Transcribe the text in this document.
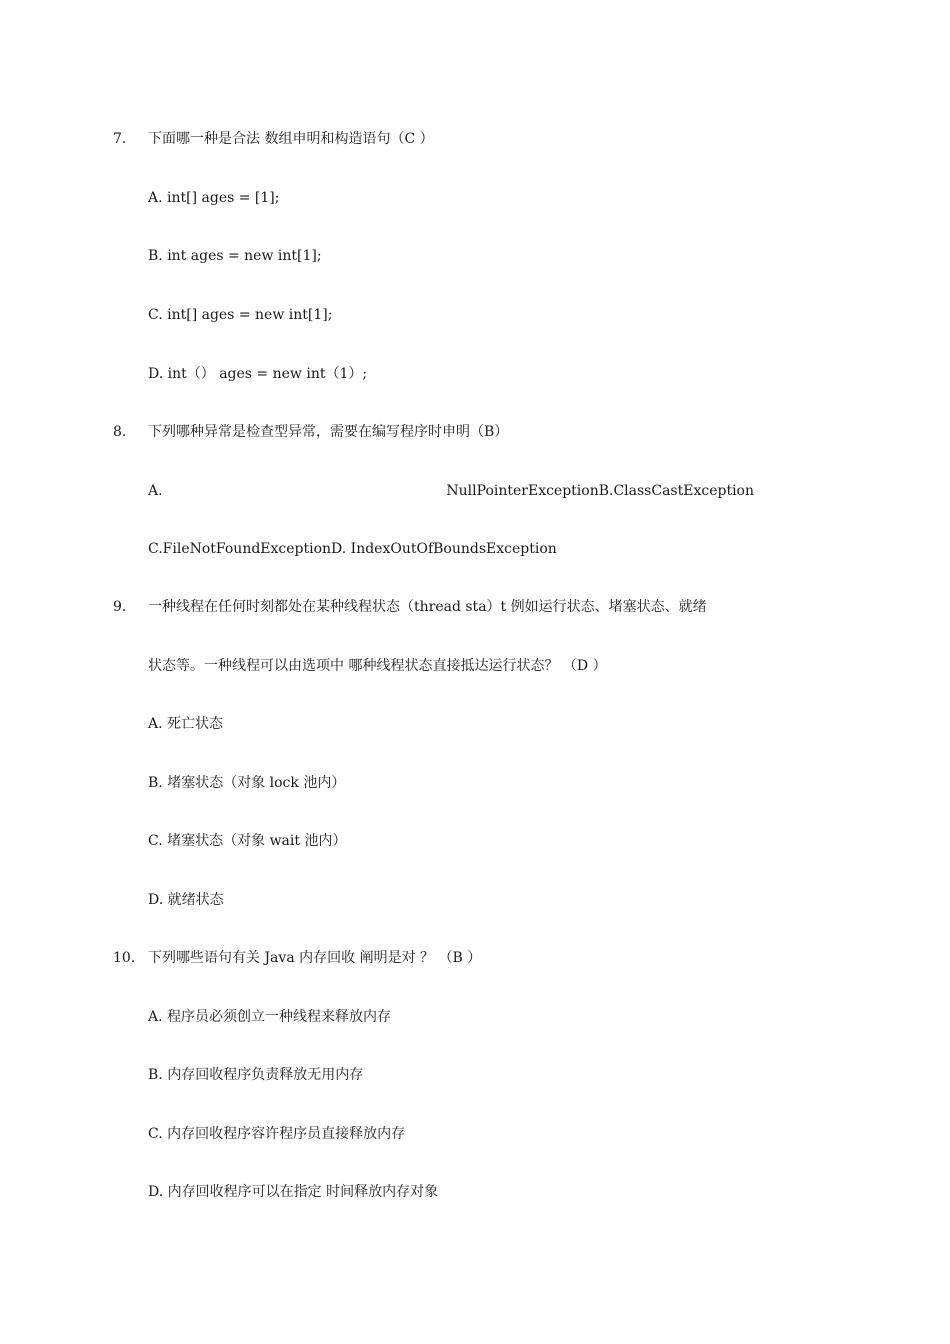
7. 下面哪一种是合法 数组申明和构造语句（C ）
A. int[] ages = [1];
B. int ages = new int[1];
C. int[] ages = new int[1];
D. int（） ages = new int（1）;
8. 下列哪种异常是检查型异常，需要在编写程序时申明（B）
A.	NullPointerExceptionB.ClassCastException
C.FileNotFoundExceptionD. IndexOutOfBoundsException
9. 一种线程在任何时刻都处在某种线程状态（thread sta）t 例如运行状态、堵塞状态、就绪
状态等。一种线程可以由选项中 哪种线程状态直接抵达运行状态？ （D ）
A. 死亡状态
B. 堵塞状态（对象 lock 池内）
C. 堵塞状态（对象 wait 池内）
D. 就绪状态
10. 下列哪些语句有关 Java 内存回收 阐明是对 ？ （B ）
A. 程序员必须创立一种线程来释放内存
B. 内存回收程序负责释放无用内存
C. 内存回收程序容许程序员直接释放内存
D. 内存回收程序可以在指定 时间释放内存对象
